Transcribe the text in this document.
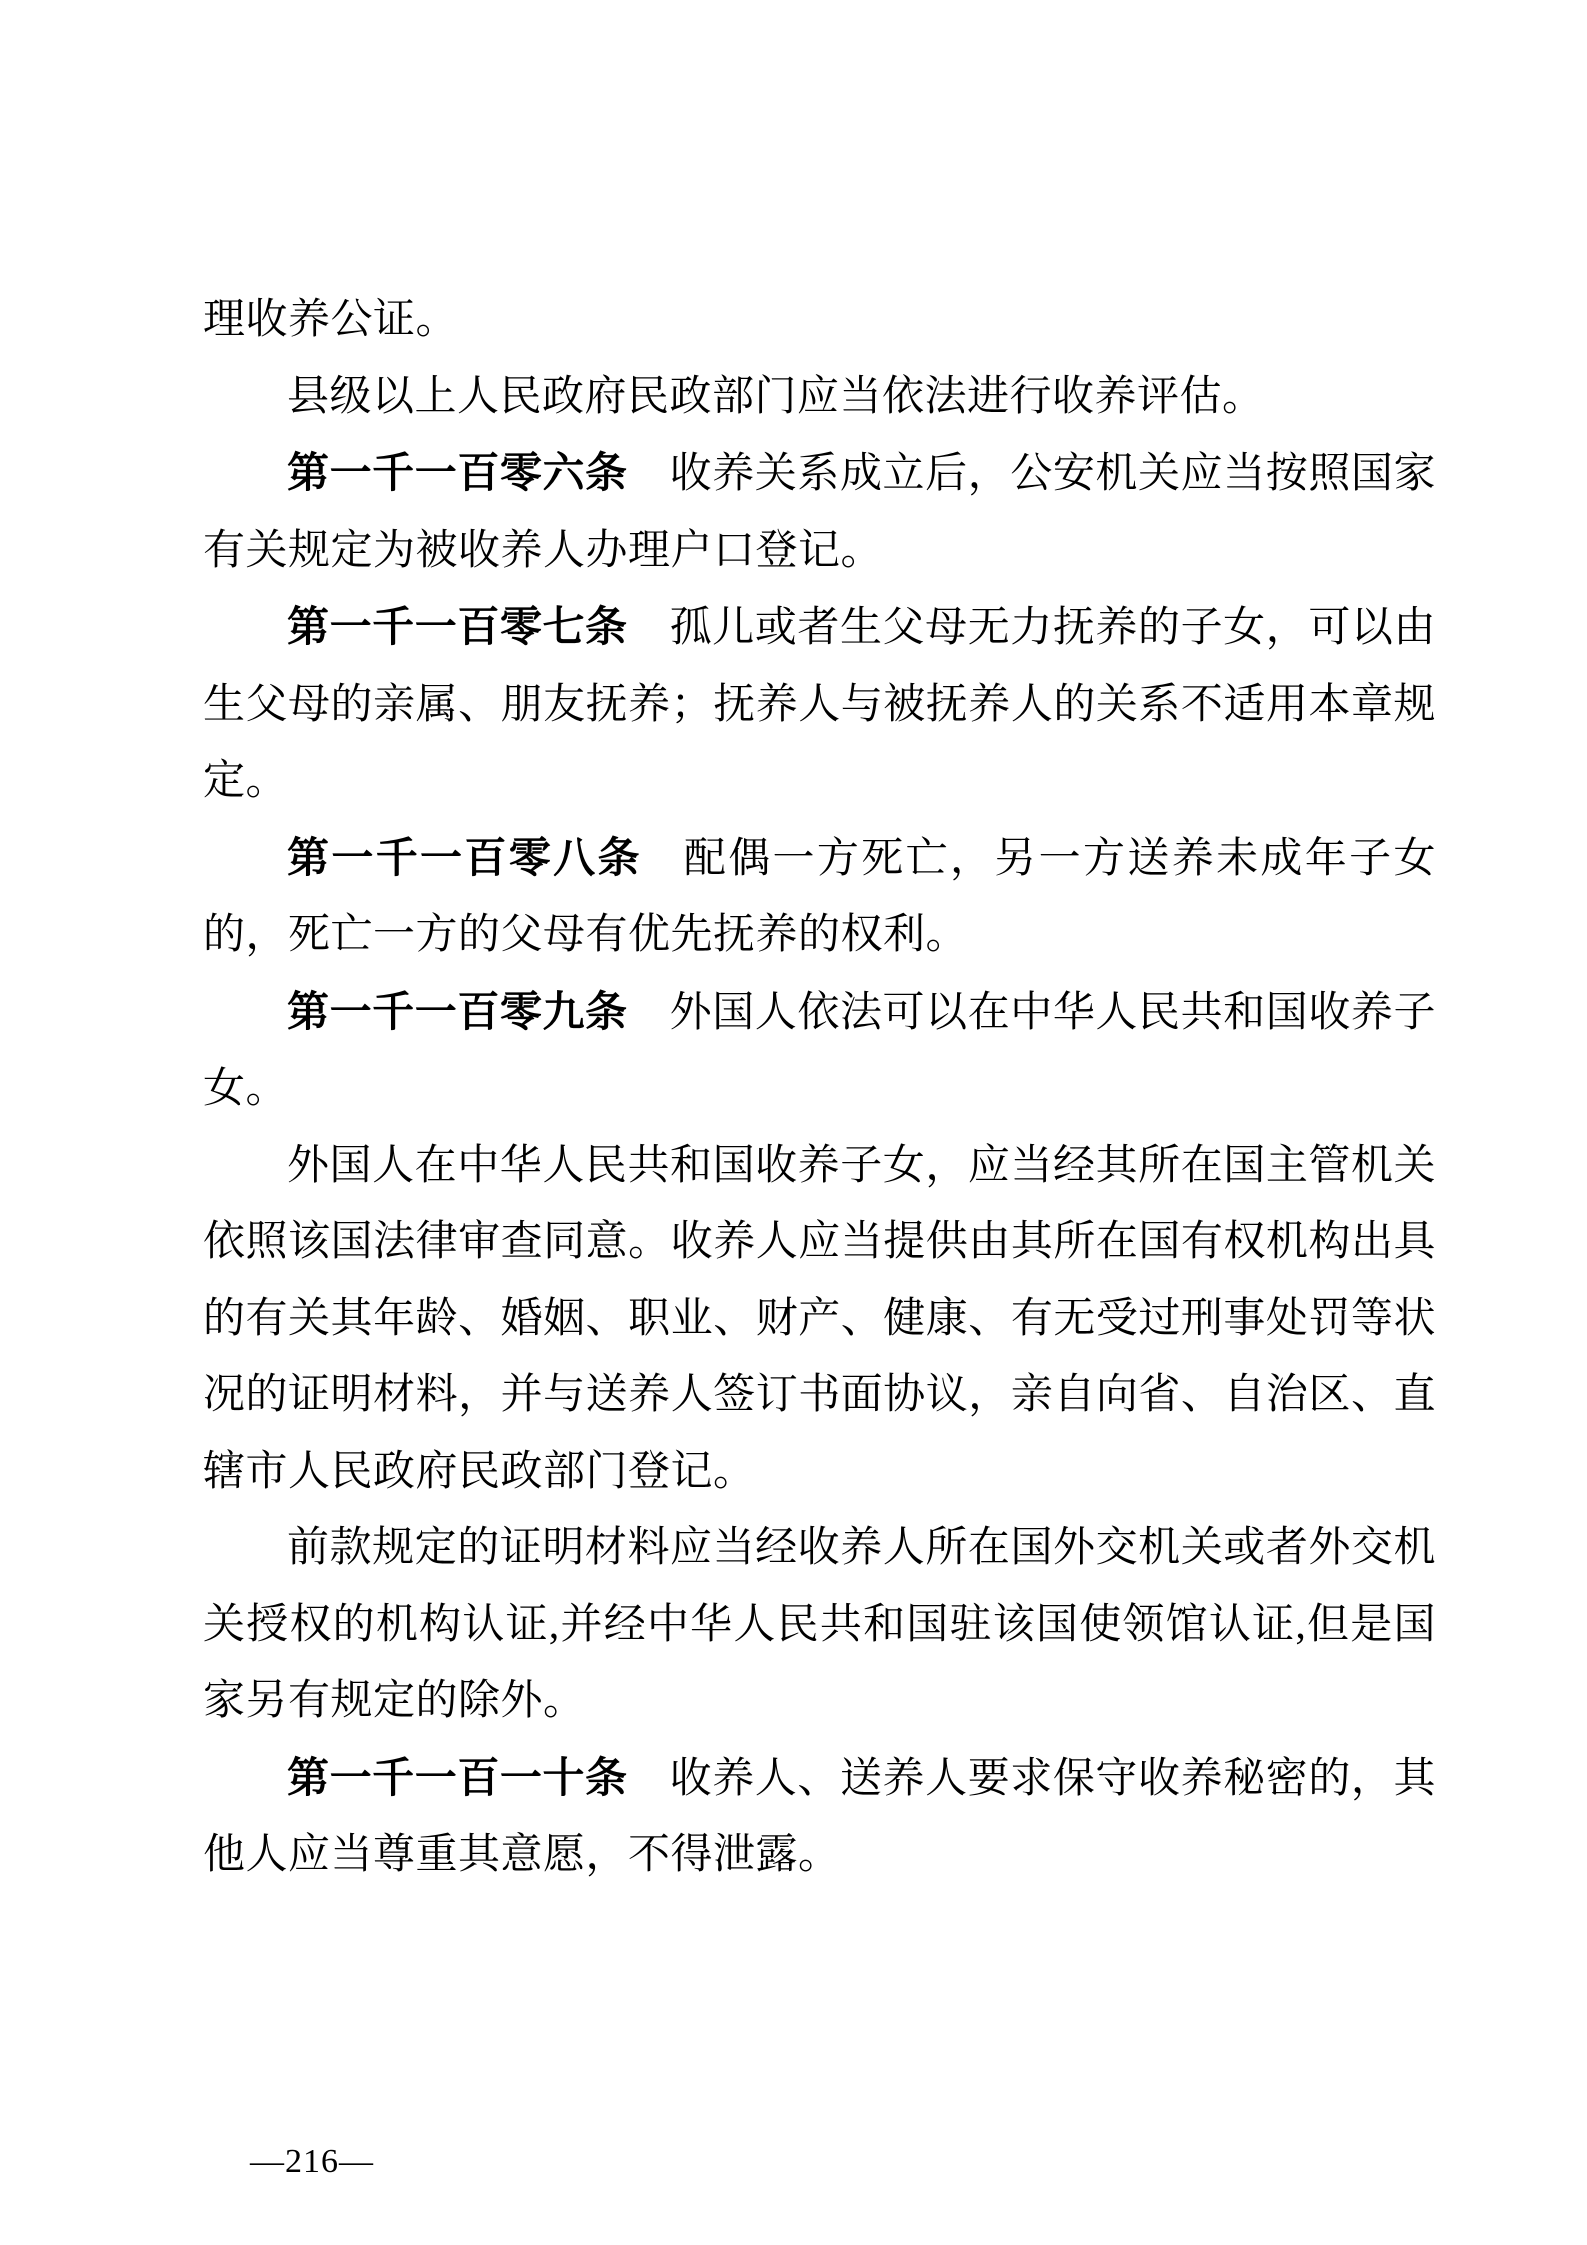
理收养公证。

县级以上人民政府民政部门应当依法进行收养评估。

第一千一百零六条 收养关系成立后，公安机关应当按照国家有关规定为被收养人办理户口登记。

第一千一百零七条 孤儿或者生父母无力抚养的子女，可以由生父母的亲属、朋友抚养；抚养人与被抚养人的关系不适用本章规定。

第一千一百零八条 配偶一方死亡，另一方送养未成年子女的，死亡一方的父母有优先抚养的权利。

第一千一百零九条 外国人依法可以在中华人民共和国收养子女。

外国人在中华人民共和国收养子女，应当经其所在国主管机关依照该国法律审查同意。收养人应当提供由其所在国有权机构出具的有关其年龄、婚姻、职业、财产、健康、有无受过刑事处罚等状况的证明材料，并与送养人签订书面协议，亲自向省、自治区、直辖市人民政府民政部门登记。

前款规定的证明材料应当经收养人所在国外交机关或者外交机关授权的机构认证,并经中华人民共和国驻该国使领馆认证,但是国家另有规定的除外。

第一千一百一十条 收养人、送养人要求保守收养秘密的，其他人应当尊重其意愿，不得泄露。

—216—
